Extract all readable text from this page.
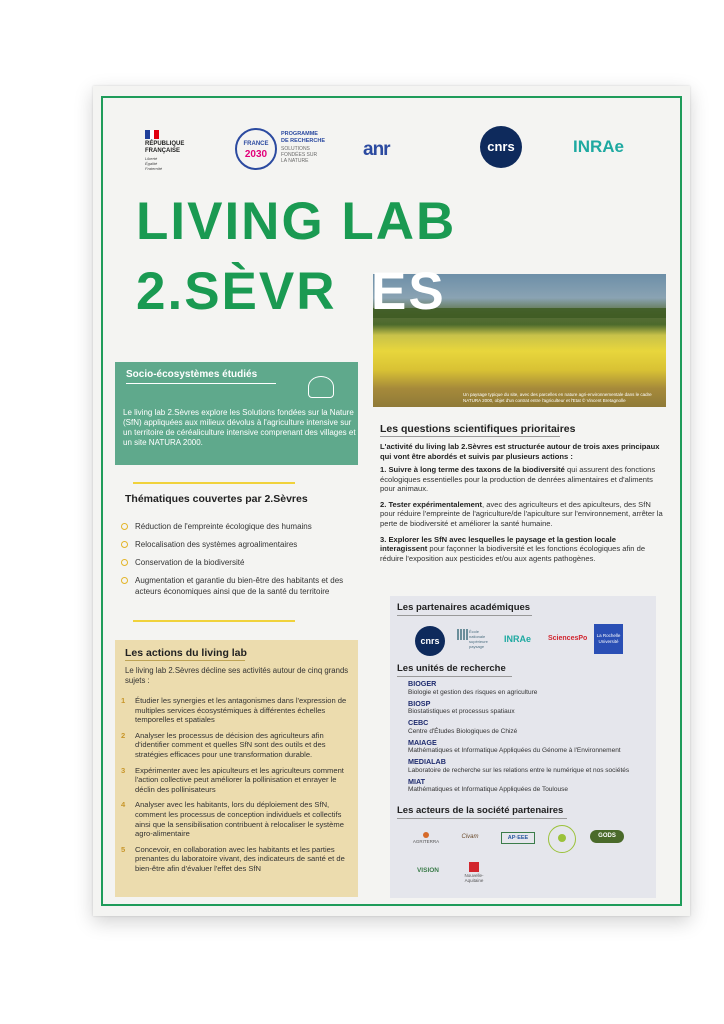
RÉPUBLIQUE
FRANÇAISE
Liberté
Égalité
Fraternité
FRANCE
2030
PROGRAMME
DE RECHERCHE
SOLUTIONS
FONDÉES SUR
LA NATURE
anr	cnrs	INRAe
LIVING LAB
2.SÈVR ES
Un paysage typique du site, avec des parcelles en nature agri-environnementale dans le cadre NATURA 2000, objet d'un contrat entre l'agriculteur et l'Etat © Vincent Bretagnolle
Socio-écosystèmes étudiés
Le living lab 2.Sèvres explore les Solutions fondées sur la Nature (SfN) appliquées aux milieux dévolus à l'agriculture intensive sur un territoire de céréaliculture intensive comprenant des villages et un site NATURA 2000.
Thématiques couvertes par 2.Sèvres
Réduction de l'empreinte écologique des humains
Relocalisation des systèmes agroalimentaires
Conservation de la biodiversité
Augmentation et garantie du bien-être des habitants et des acteurs économiques ainsi que de la santé du territoire
Les actions du living lab
Le living lab 2.Sèvres décline ses activités autour de cinq grands sujets :
1 Étudier les synergies et les antagonismes dans l'expression de multiples services écosystémiques à différentes échelles temporelles et spatiales
2 Analyser les processus de décision des agriculteurs afin d'identifier comment et quelles SfN sont des outils et des stratégies efficaces pour une transformation durable.
3 Expérimenter avec les apiculteurs et les agriculteurs comment l'action collective peut améliorer la pollinisation et enrayer le déclin des pollinisateurs
4 Analyser avec les habitants, lors du déploiement des SfN, comment les processus de conception individuels et collectifs ainsi que la sensibilisation contribuent à relocaliser le système agro-alimentaire
5 Concevoir, en collaboration avec les habitants et les parties prenantes du laboratoire vivant, des indicateurs de santé et de bien-être afin d'évaluer l'effet des SfN
Les questions scientifiques prioritaires
L'activité du living lab 2.Sèvres est structurée autour de trois axes principaux qui vont être abordés et suivis par plusieurs actions :
1. Suivre à long terme des taxons de la biodiversité qui assurent des fonctions écologiques essentielles pour la production de denrées alimentaires et d'aliments pour animaux.
2. Tester expérimentalement, avec des agriculteurs et des apiculteurs, des SfN pour réduire l'empreinte de l'agriculture/de l'apiculture sur l'environnement, arrêter la perte de biodiversité et améliorer la santé humaine.
3. Explorer les SfN avec lesquelles le paysage et la gestion locale interagissent pour façonner la biodiversité et les fonctions écologiques afin de réduire l'exposition aux pesticides et/ou aux agents pathogènes.
Les partenaires académiques
cnrs
École
nationale
supérieure
paysage
INRAe SciencesPo	La Rochelle
Université
Les unités de recherche
BIOGER
Biologie et gestion des risques en agriculture
BIOSP
Biostatistiques et processus spatiaux
CEBC
Centre d'Études Biologiques de Chizé
MAIAGE
Mathématiques et Informatique Appliquées du Génome à l'Environnement
MEDIALAB
Laboratoire de recherche sur les relations entre le numérique et nos sociétés
MIAT
Mathématiques et Informatique Appliquées de Toulouse
Les acteurs de la société partenaires
AGRITERRA
Civam	AP·EEE	GODS
VISION
Nouvelle-Aquitaine
